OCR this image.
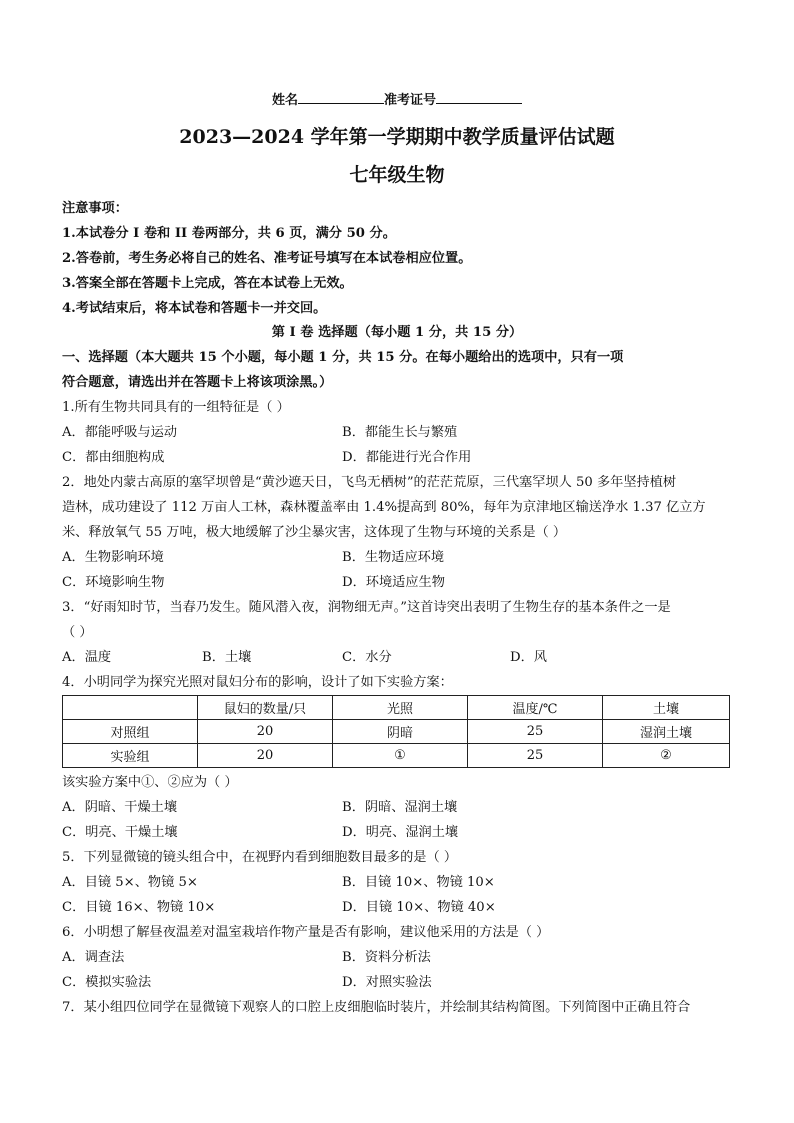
姓名	准考证号
2023—2024 学年第一学期期中教学质量评估试题
七年级生物
注意事项：
1.本试卷分 I 卷和 II 卷两部分，共 6 页，满分 50 分。
2.答卷前，考生务必将自己的姓名、准考证号填写在本试卷相应位置。
3.答案全部在答题卡上完成，答在本试卷上无效。
4.考试结束后，将本试卷和答题卡一并交回。
第 I 卷 选择题（每小题 1 分，共 15 分）
一、选择题（本大题共 15 个小题，每小题 1 分，共 15 分。在每小题给出的选项中，只有一项
符合题意，请选出并在答题卡上将该项涂黑。）
1.所有生物共同具有的一组特征是（ ）
A．都能呼吸与运动	B．都能生长与繁殖
C．都由细胞构成	D．都能进行光合作用
2．地处内蒙古高原的塞罕坝曾是“黄沙遮天日，飞鸟无栖树”的茫茫荒原，三代塞罕坝人 50 多年坚持植树
造林，成功建设了 112 万亩人工林，森林覆盖率由 1.4%提高到 80%，每年为京津地区输送净水 1.37 亿立方
米、释放氧气 55 万吨，极大地缓解了沙尘暴灾害，这体现了生物与环境的关系是（ ）
A．生物影响环境	B．生物适应环境
C．环境影响生物	D．环境适应生物
3．“好雨知时节，当春乃发生。随风潜入夜，润物细无声。”这首诗突出表明了生物生存的基本条件之一是
（ ）
A．温度	B．土壤	C．水分	D．风
4．小明同学为探究光照对鼠妇分布的影响，设计了如下实验方案：
	鼠妇的数量/只	光照	温度/℃	土壤
对照组	20	阴暗	25	湿润土壤
实验组	20	①	25	②
该实验方案中①、②应为（ ）
A．阴暗、干燥土壤	B．阴暗、湿润土壤
C．明亮、干燥土壤	D．明亮、湿润土壤
5．下列显微镜的镜头组合中，在视野内看到细胞数目最多的是（ ）
A．目镜 5×、物镜 5×	B．目镜 10×、物镜 10×
C．目镜 16×、物镜 10×	D．目镜 10×、物镜 40×
6．小明想了解昼夜温差对温室栽培作物产量是否有影响，建议他采用的方法是（ ）
A．调查法	B．资料分析法
C．模拟实验法	D．对照实验法
7．某小组四位同学在显微镜下观察人的口腔上皮细胞临时装片，并绘制其结构简图。下列简图中正确且符合
